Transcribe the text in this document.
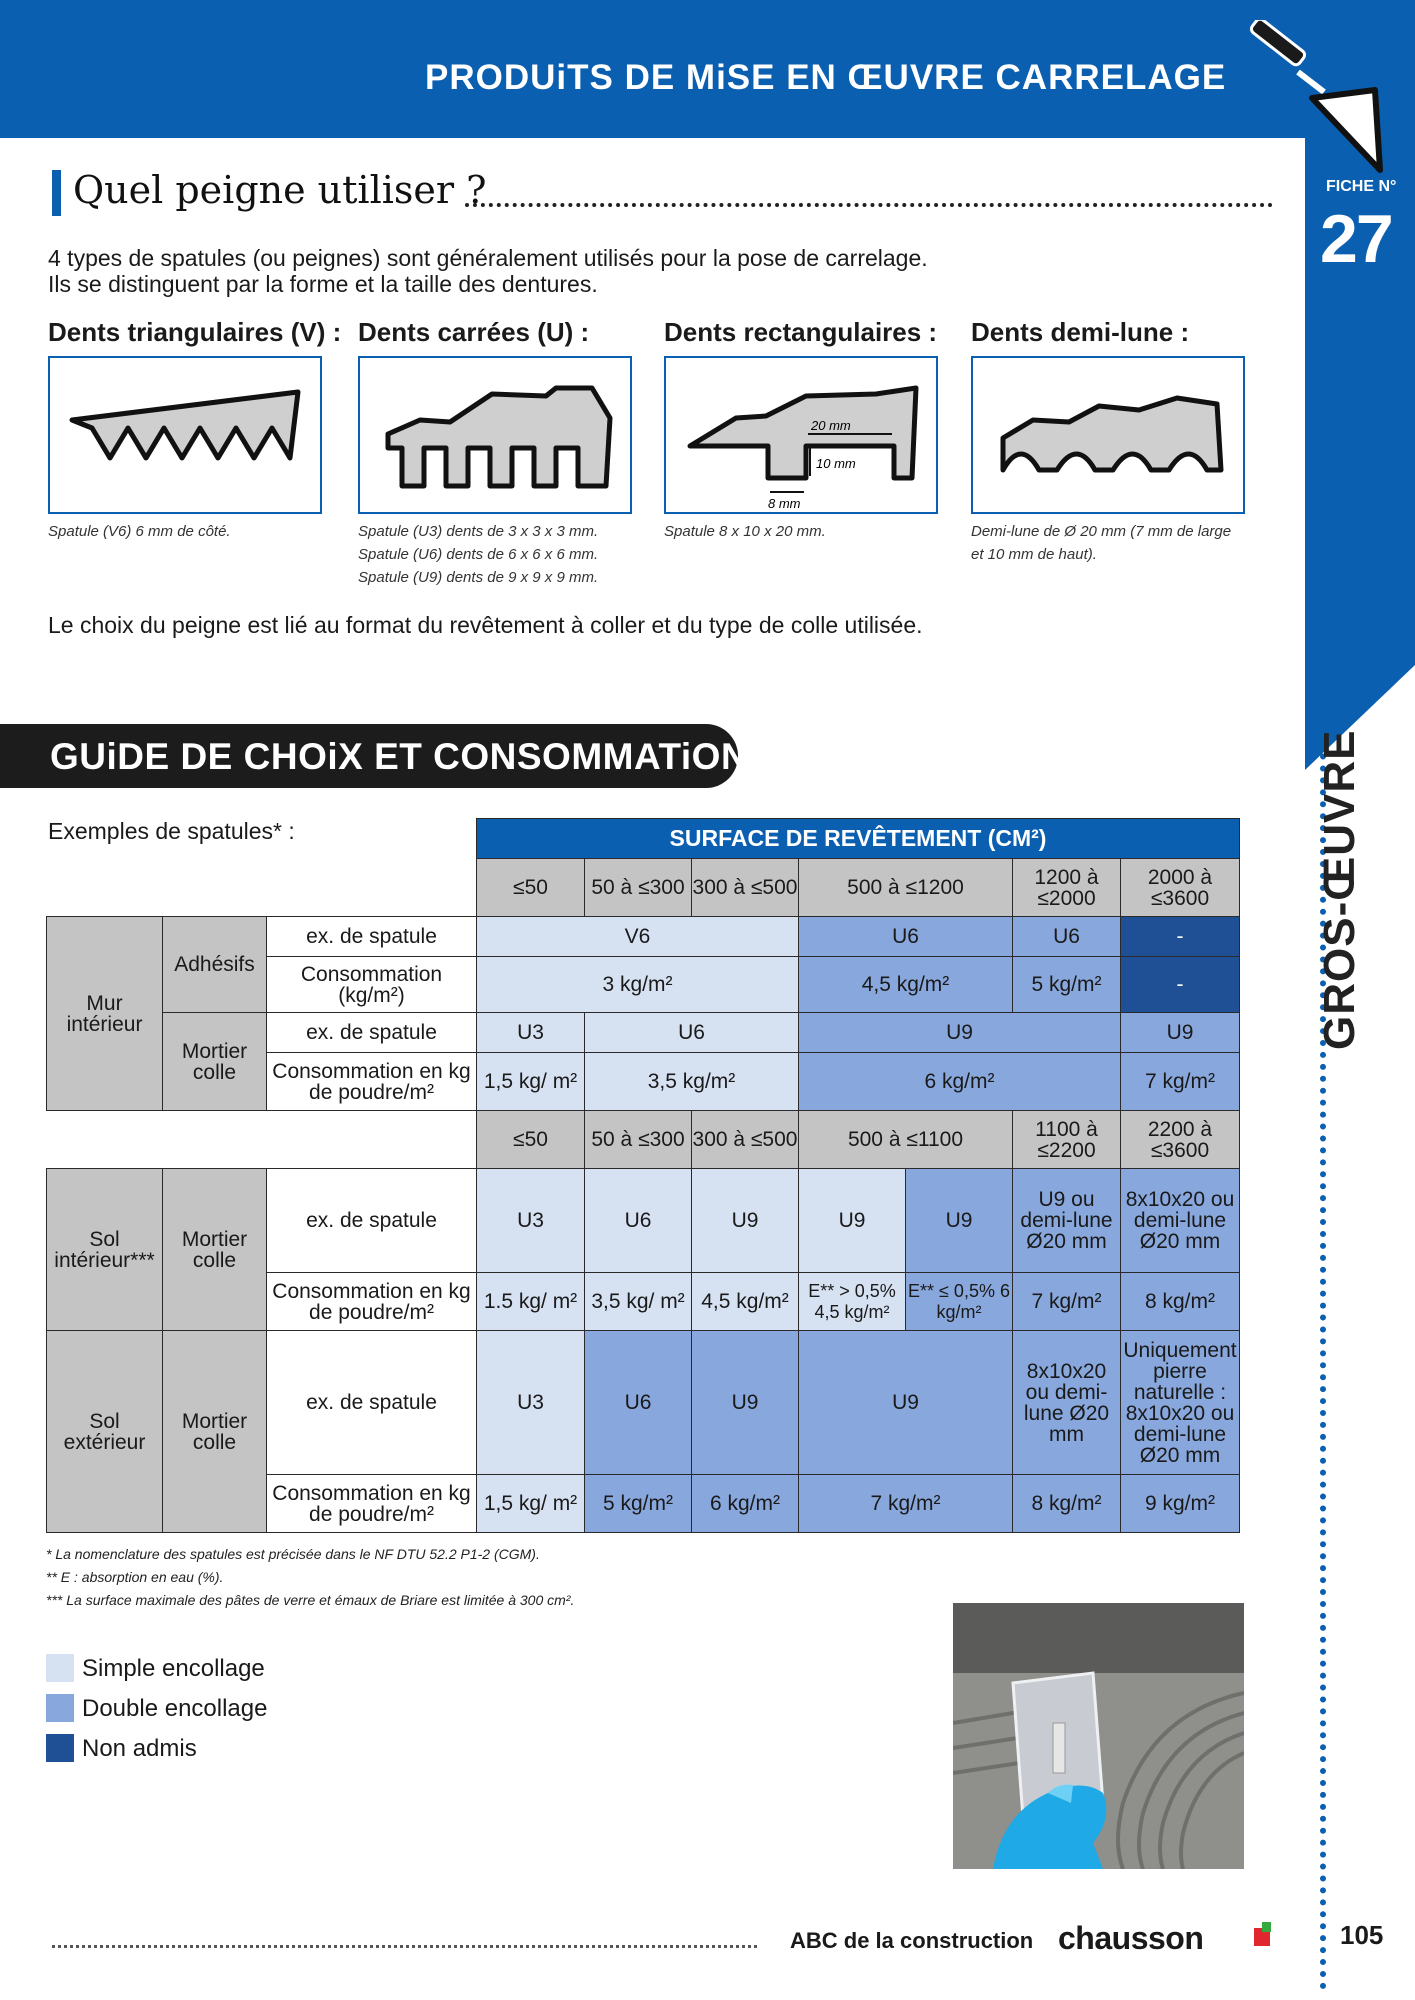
PRODUiTS DE MiSE EN ŒUVRE CARRELAGE
FICHE N°
27
GROS-ŒUVRE
Quel peigne utiliser ?
4 types de spatules (ou peignes) sont généralement utilisés pour la pose de carrelage.
Ils se distinguent par la forme et la taille des dentures.
Dents triangulaires (V) : Dents carrées (U) :	Dents rectangulaires : Dents demi-lune :
20 mm
10 mm
8 mm
Spatule (V6) 6 mm de côté.	Spatule (U3) dents de 3 x 3 x 3 mm.
Spatule (U6) dents de 6 x 6 x 6 mm.
Spatule (U9) dents de 9 x 9 x 9 mm.
Spatule 8 x 10 x 20 mm.	Demi-lune de Ø 20 mm (7 mm de large
et 10 mm de haut).
Le choix du peigne est lié au format du revêtement à coller et du type de colle utilisée.
GUiDE DE CHOiX ET CONSOMMATiON
Exemples de spatules* :
			SURFACE DE REVÊTEMENT (CM²)						
			≤50	50 à ≤300	300 à ≤500	500 à ≤1200		1200 à ≤2000	2000 à ≤3600
Mur intérieur	Adhésifs	ex. de spatule	V6			U6		U6	-
		Consommation (kg/m²)	3 kg/m²			4,5 kg/m²		5 kg/m²	-
	Mortier colle	ex. de spatule	U3	U6		U9			U9
		Consommation en kg de poudre/m²	1,5 kg/ m²	3,5 kg/m²		6 kg/m²			7 kg/m²
			≤50	50 à ≤300	300 à ≤500	500 à ≤1100		1100 à ≤2200	2200 à ≤3600
Sol intérieur***	Mortier colle	ex. de spatule	U3	U6	U9	U9	U9	U9 ou demi-lune Ø20 mm	8x10x20 ou demi-lune Ø20 mm
		Consommation en kg de poudre/m²	1.5 kg/ m²	3,5 kg/ m²	4,5 kg/m²	E** > 0,5% 4,5 kg/m²	E** ≤ 0,5% 6 kg/m²	7 kg/m²	8 kg/m²
Sol extérieur	Mortier colle	ex. de spatule	U3	U6	U9	U9		8x10x20 ou demi-lune Ø20 mm	Uniquement pierre naturelle : 8x10x20 ou demi-lune Ø20 mm
		Consommation en kg de poudre/m²	1,5 kg/ m²	5 kg/m²	6 kg/m²	7 kg/m²		8 kg/m²	9 kg/m²
* La nomenclature des spatules est précisée dans le NF DTU 52.2 P1-2 (CGM).
** E : absorption en eau (%).
*** La surface maximale des pâtes de verre et émaux de Briare est limitée à 300 cm².
Simple encollage
Double encollage
Non admis
ABC de la construction chausson	105
